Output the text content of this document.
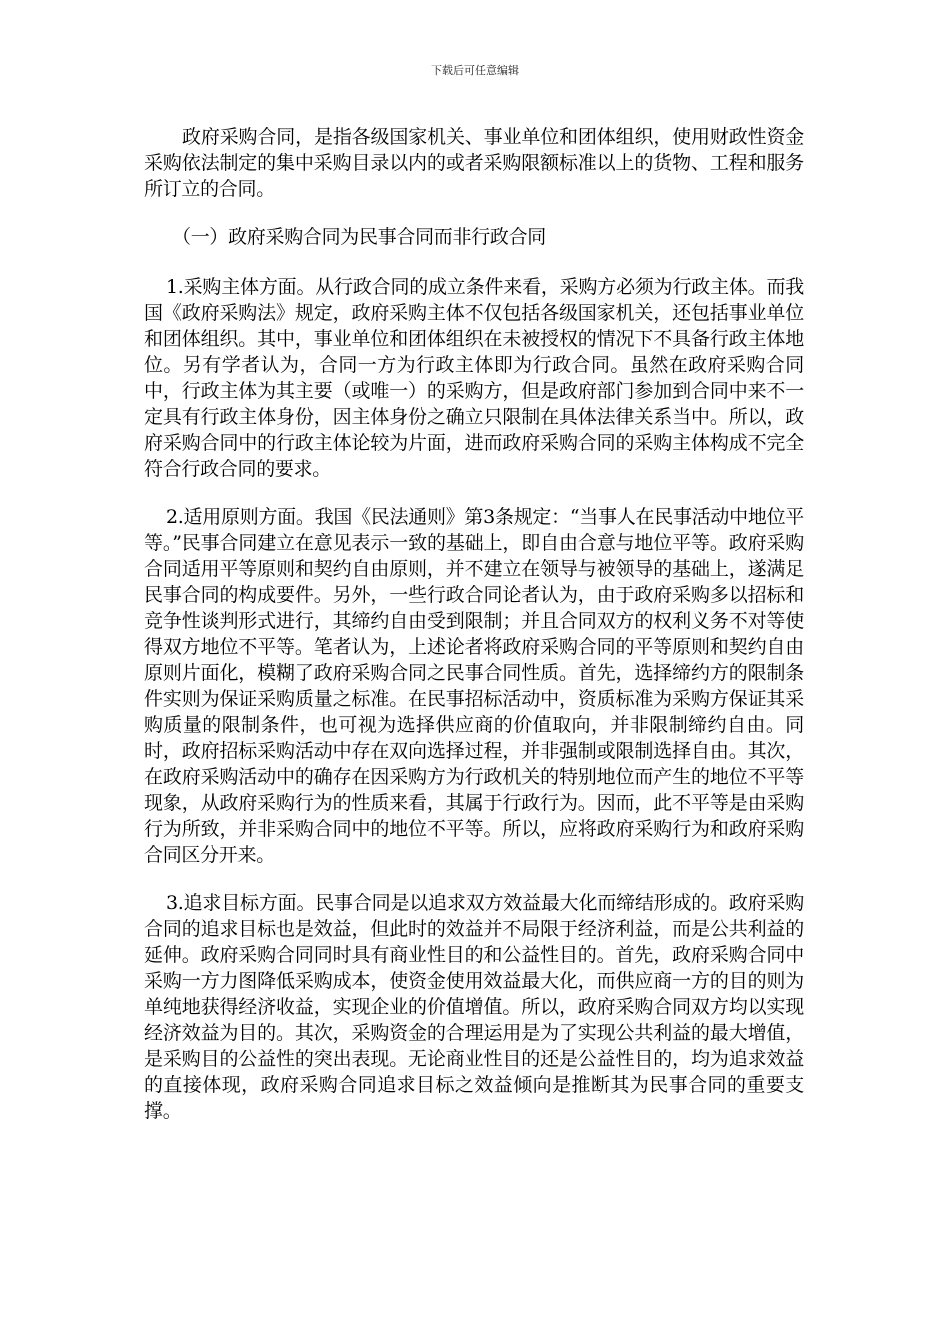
下载后可任意编辑

政府采购合同，是指各级国家机关、事业单位和团体组织，使用财政性资金采购依法制定的集中采购目录以内的或者采购限额标准以上的货物、工程和服务所订立的合同。

（一）政府采购合同为民事合同而非行政合同

1.采购主体方面。从行政合同的成立条件来看，采购方必须为行政主体。而我国《政府采购法》规定，政府采购主体不仅包括各级国家机关，还包括事业单位和团体组织。其中，事业单位和团体组织在未被授权的情况下不具备行政主体地位。另有学者认为，合同一方为行政主体即为行政合同。虽然在政府采购合同中，行政主体为其主要（或唯一）的采购方，但是政府部门参加到合同中来不一定具有行政主体身份，因主体身份之确立只限制在具体法律关系当中。所以，政府采购合同中的行政主体论较为片面，进而政府采购合同的采购主体构成不完全符合行政合同的要求。

2.适用原则方面。我国《民法通则》第3条规定：“当事人在民事活动中地位平等。”民事合同建立在意见表示一致的基础上，即自由合意与地位平等。政府采购合同适用平等原则和契约自由原则，并不建立在领导与被领导的基础上，遂满足民事合同的构成要件。另外，一些行政合同论者认为，由于政府采购多以招标和竞争性谈判形式进行，其缔约自由受到限制；并且合同双方的权利义务不对等使得双方地位不平等。笔者认为，上述论者将政府采购合同的平等原则和契约自由原则片面化，模糊了政府采购合同之民事合同性质。首先，选择缔约方的限制条件实则为保证采购质量之标准。在民事招标活动中，资质标准为采购方保证其采购质量的限制条件，也可视为选择供应商的价值取向，并非限制缔约自由。同时，政府招标采购活动中存在双向选择过程，并非强制或限制选择自由。其次，在政府采购活动中的确存在因采购方为行政机关的特别地位而产生的地位不平等现象，从政府采购行为的性质来看，其属于行政行为。因而，此不平等是由采购行为所致，并非采购合同中的地位不平等。所以，应将政府采购行为和政府采购合同区分开来。

3.追求目标方面。民事合同是以追求双方效益最大化而缔结形成的。政府采购合同的追求目标也是效益，但此时的效益并不局限于经济利益，而是公共利益的延伸。政府采购合同同时具有商业性目的和公益性目的。首先，政府采购合同中采购一方力图降低采购成本，使资金使用效益最大化，而供应商一方的目的则为单纯地获得经济收益，实现企业的价值增值。所以，政府采购合同双方均以实现经济效益为目的。其次，采购资金的合理运用是为了实现公共利益的最大增值，是采购目的公益性的突出表现。无论商业性目的还是公益性目的，均为追求效益的直接体现，政府采购合同追求目标之效益倾向是推断其为民事合同的重要支撑。
